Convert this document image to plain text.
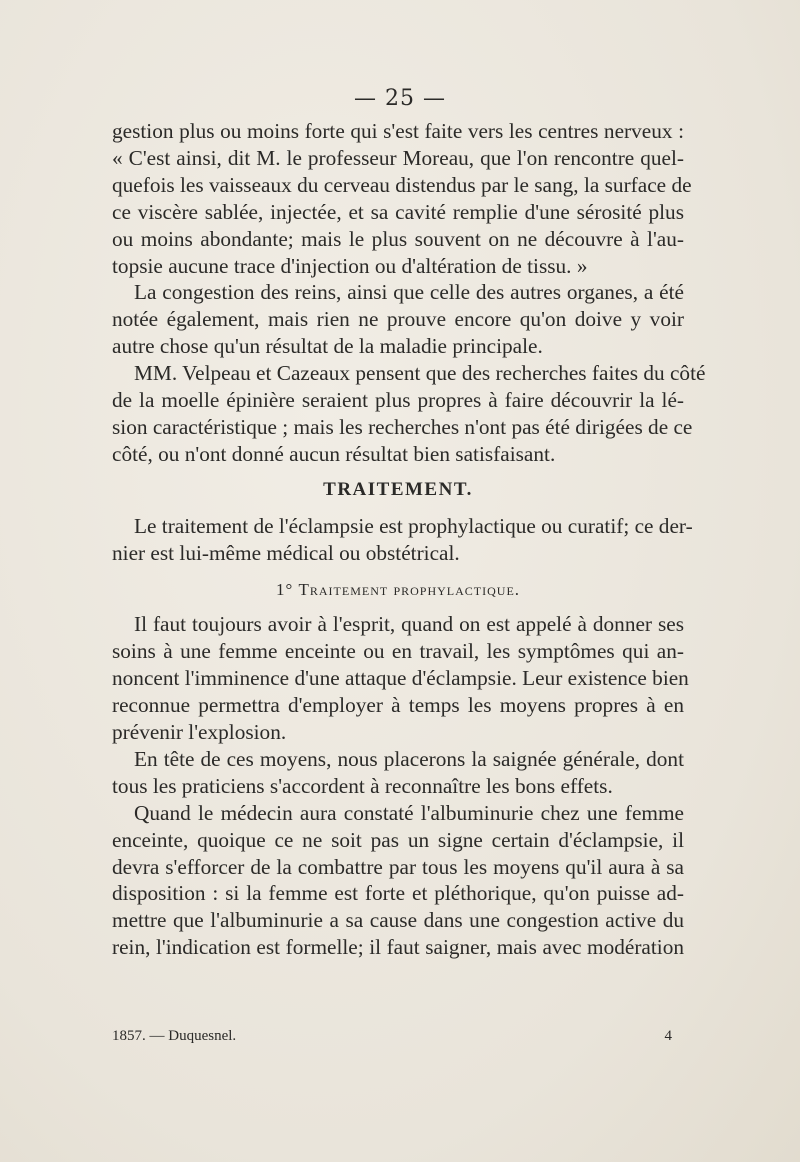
— 25 —
gestion plus ou moins forte qui s'est faite vers les centres nerveux :
« C'est ainsi, dit M. le professeur Moreau, que l'on rencontre quel-
quefois les vaisseaux du cerveau distendus par le sang, la surface de
ce viscère sablée, injectée, et sa cavité remplie d'une sérosité plus
ou moins abondante; mais le plus souvent on ne découvre à l'au-
topsie aucune trace d'injection ou d'altération de tissu. »
La congestion des reins, ainsi que celle des autres organes, a été
notée également, mais rien ne prouve encore qu'on doive y voir
autre chose qu'un résultat de la maladie principale.
MM. Velpeau et Cazeaux pensent que des recherches faites du côté
de la moelle épinière seraient plus propres à faire découvrir la lé-
sion caractéristique ; mais les recherches n'ont pas été dirigées de ce
côté, ou n'ont donné aucun résultat bien satisfaisant.
TRAITEMENT.
Le traitement de l'éclampsie est prophylactique ou curatif; ce der-
nier est lui-même médical ou obstétrical.
1° Traitement prophylactique.
Il faut toujours avoir à l'esprit, quand on est appelé à donner ses
soins à une femme enceinte ou en travail, les symptômes qui an-
noncent l'imminence d'une attaque d'éclampsie. Leur existence bien
reconnue permettra d'employer à temps les moyens propres à en
prévenir l'explosion.
En tête de ces moyens, nous placerons la saignée générale, dont
tous les praticiens s'accordent à reconnaître les bons effets.
Quand le médecin aura constaté l'albuminurie chez une femme
enceinte, quoique ce ne soit pas un signe certain d'éclampsie, il
devra s'efforcer de la combattre par tous les moyens qu'il aura à sa
disposition : si la femme est forte et pléthorique, qu'on puisse ad-
mettre que l'albuminurie a sa cause dans une congestion active du
rein, l'indication est formelle; il faut saigner, mais avec modération
1857. — Duquesnel.	4
